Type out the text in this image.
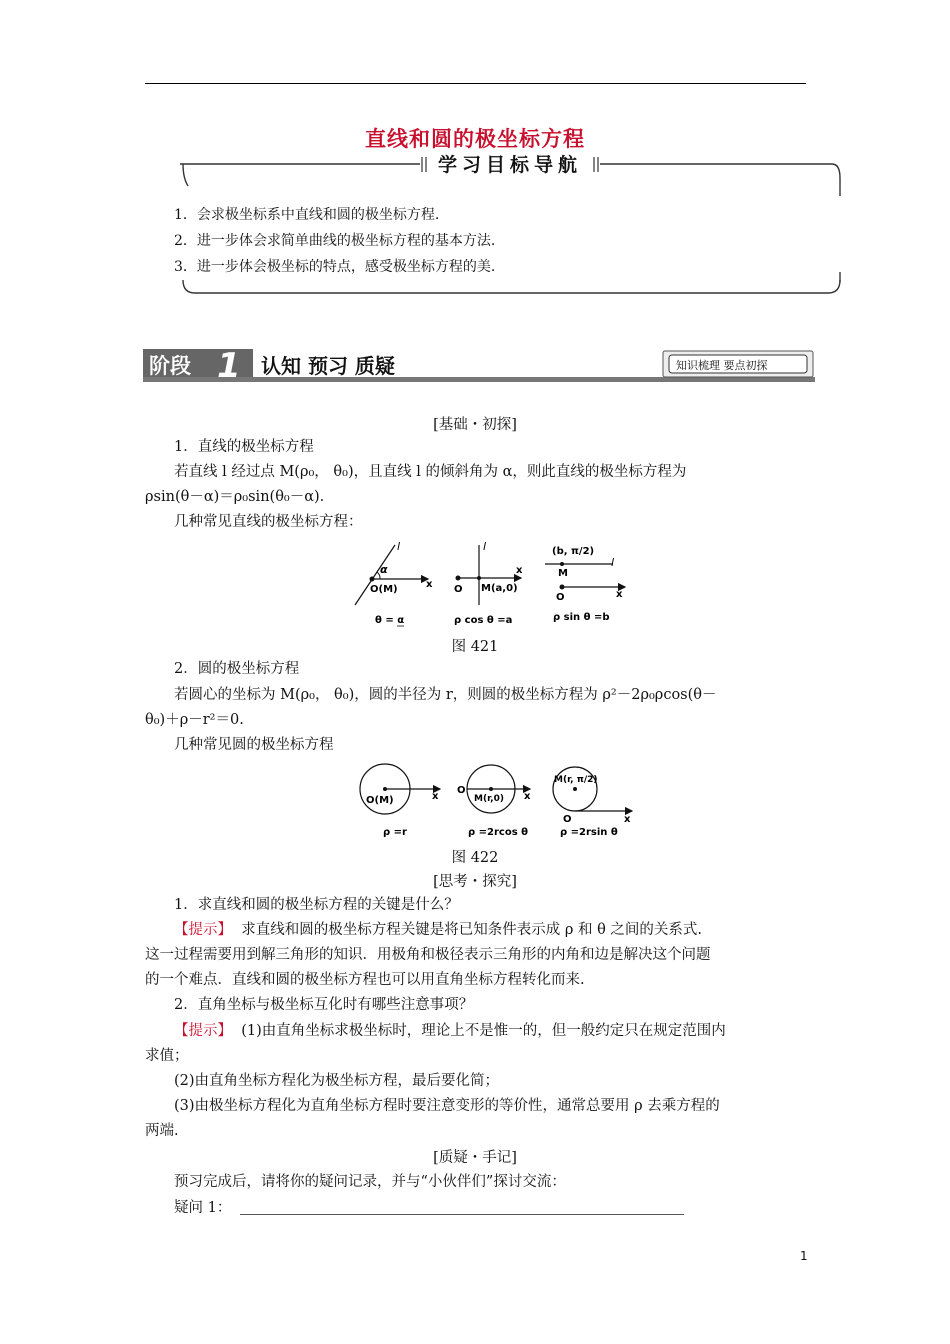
直线和圆的极坐标方程
学习目标导航
1．会求极坐标系中直线和圆的极坐标方程.
2．进一步体会求简单曲线的极坐标方程的基本方法.
3．进一步体会极坐标的特点，感受极坐标方程的美.
阶段 1 认知 预习 质疑	知识梳理 要点初探
[基础・初探]
1．直线的极坐标方程
若直线 l 经过点 M(ρ₀， θ₀)，且直线 l 的倾斜角为 α，则此直线的极坐标方程为
ρsin(θ－α)＝ρ₀sin(θ₀－α).
几种常见直线的极坐标方程：
l
α
O(M)	x
θ = α
l
x
O M(a,0)
ρ cos θ =a
(b, π/2)
M
l
O	x
ρ sin θ =b
图 421
2．圆的极坐标方程
若圆心的坐标为 M(ρ₀， θ₀)，圆的半径为 r，则圆的极坐标方程为 ρ²－2ρ₀ρcos(θ－
θ₀)＋ρ－r²＝0.
几种常见圆的极坐标方程
O(M)	x
ρ =r
O
M(r,0) x
ρ =2rcos θ
M(r, π/2)
O	x
ρ =2rsin θ
图 422
[思考・探究]
1．求直线和圆的极坐标方程的关键是什么？
【提示】 求直线和圆的极坐标方程关键是将已知条件表示成 ρ 和 θ 之间的关系式.
这一过程需要用到解三角形的知识．用极角和极径表示三角形的内角和边是解决这个问题
的一个难点．直线和圆的极坐标方程也可以用直角坐标方程转化而来.
2．直角坐标与极坐标互化时有哪些注意事项？
【提示】 (1)由直角坐标求极坐标时，理论上不是惟一的，但一般约定只在规定范围内
求值；
(2)由直角坐标方程化为极坐标方程，最后要化简；
(3)由极坐标方程化为直角坐标方程时要注意变形的等价性，通常总要用 ρ 去乘方程的
两端.
[质疑・手记]
预习完成后，请将你的疑问记录，并与“小伙伴们”探讨交流：
疑问 1：
1
